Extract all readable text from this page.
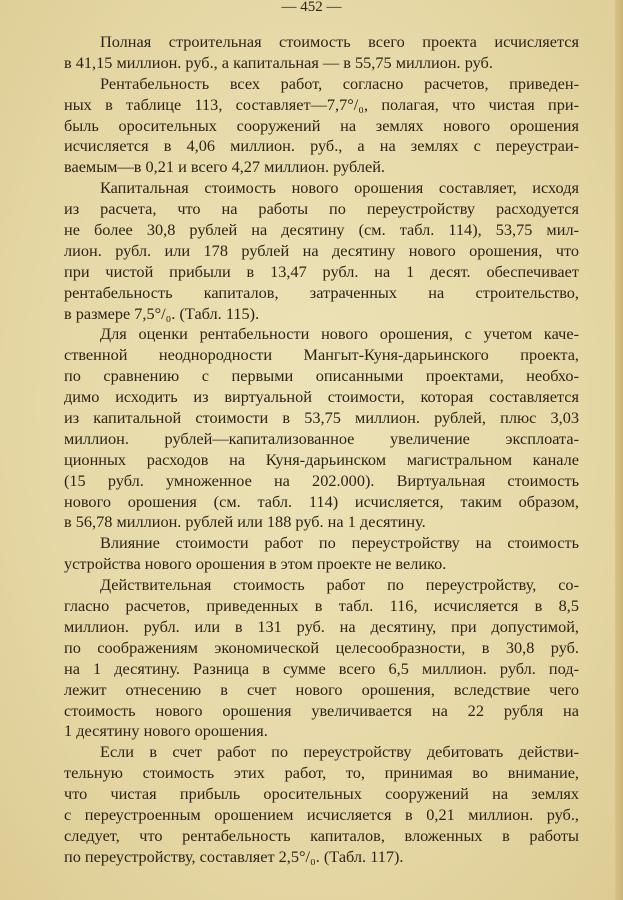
— 452 —
Полная строительная стоимость всего проекта исчисляется
в 41,15 миллион. руб., а капитальная — в 55,75 миллион. руб.
Рентабельность всех работ, согласно расчетов, приведен-
ных в таблице 113, составляет—7,7°/₀, полагая, что чистая при-
быль оросительных сооружений на землях нового орошения
исчисляется в 4,06 миллион. руб., а на землях с переустраи-
ваемым—в 0,21 и всего 4,27 миллион. рублей.
Капитальная стоимость нового орошения составляет, исходя
из расчета, что на работы по переустройству расходуется
не более 30,8 рублей на десятину (см. табл. 114), 53,75 мил-
лион. рубл. или 178 рублей на десятину нового орошения, что
при чистой прибыли в 13,47 рубл. на 1 десят. обеспечивает
рентабельность капиталов, затраченных на строительство,
в размере 7,5°/₀. (Табл. 115).
Для оценки рентабельности нового орошения, с учетом каче-
ственной неоднородности Мангыт-Куня-дарьинского проекта,
по сравнению с первыми описанными проектами, необхо-
димо исходить из виртуальной стоимости, которая составляется
из капитальной стоимости в 53,75 миллион. рублей, плюс 3,03
миллион. рублей—капитализованное увеличение эксплоата-
ционных расходов на Куня-дарьинском магистральном канале
(15 рубл. умноженное на 202.000). Виртуальная стоимость
нового орошения (см. табл. 114) исчисляется, таким образом,
в 56,78 миллион. рублей или 188 руб. на 1 десятину.
Влияние стоимости работ по переустройству на стоимость
устройства нового орошения в этом проекте не велико.
Действительная стоимость работ по переустройству, со-
гласно расчетов, приведенных в табл. 116, исчисляется в 8,5
миллион. рубл. или в 131 руб. на десятину, при допустимой,
по соображениям экономической целесообразности, в 30,8 руб.
на 1 десятину. Разница в сумме всего 6,5 миллион. рубл. под-
лежит отнесению в счет нового орошения, вследствие чего
стоимость нового орошения увеличивается на 22 рубля на
1 десятину нового орошения.
Если в счет работ по переустройству дебитовать действи-
тельную стоимость этих работ, то, принимая во внимание,
что чистая прибыль оросительных сооружений на землях
с переустроенным орошением исчисляется в 0,21 миллион. руб.,
следует, что рентабельность капиталов, вложенных в работы
по переустройству, составляет 2,5°/₀. (Табл. 117).
